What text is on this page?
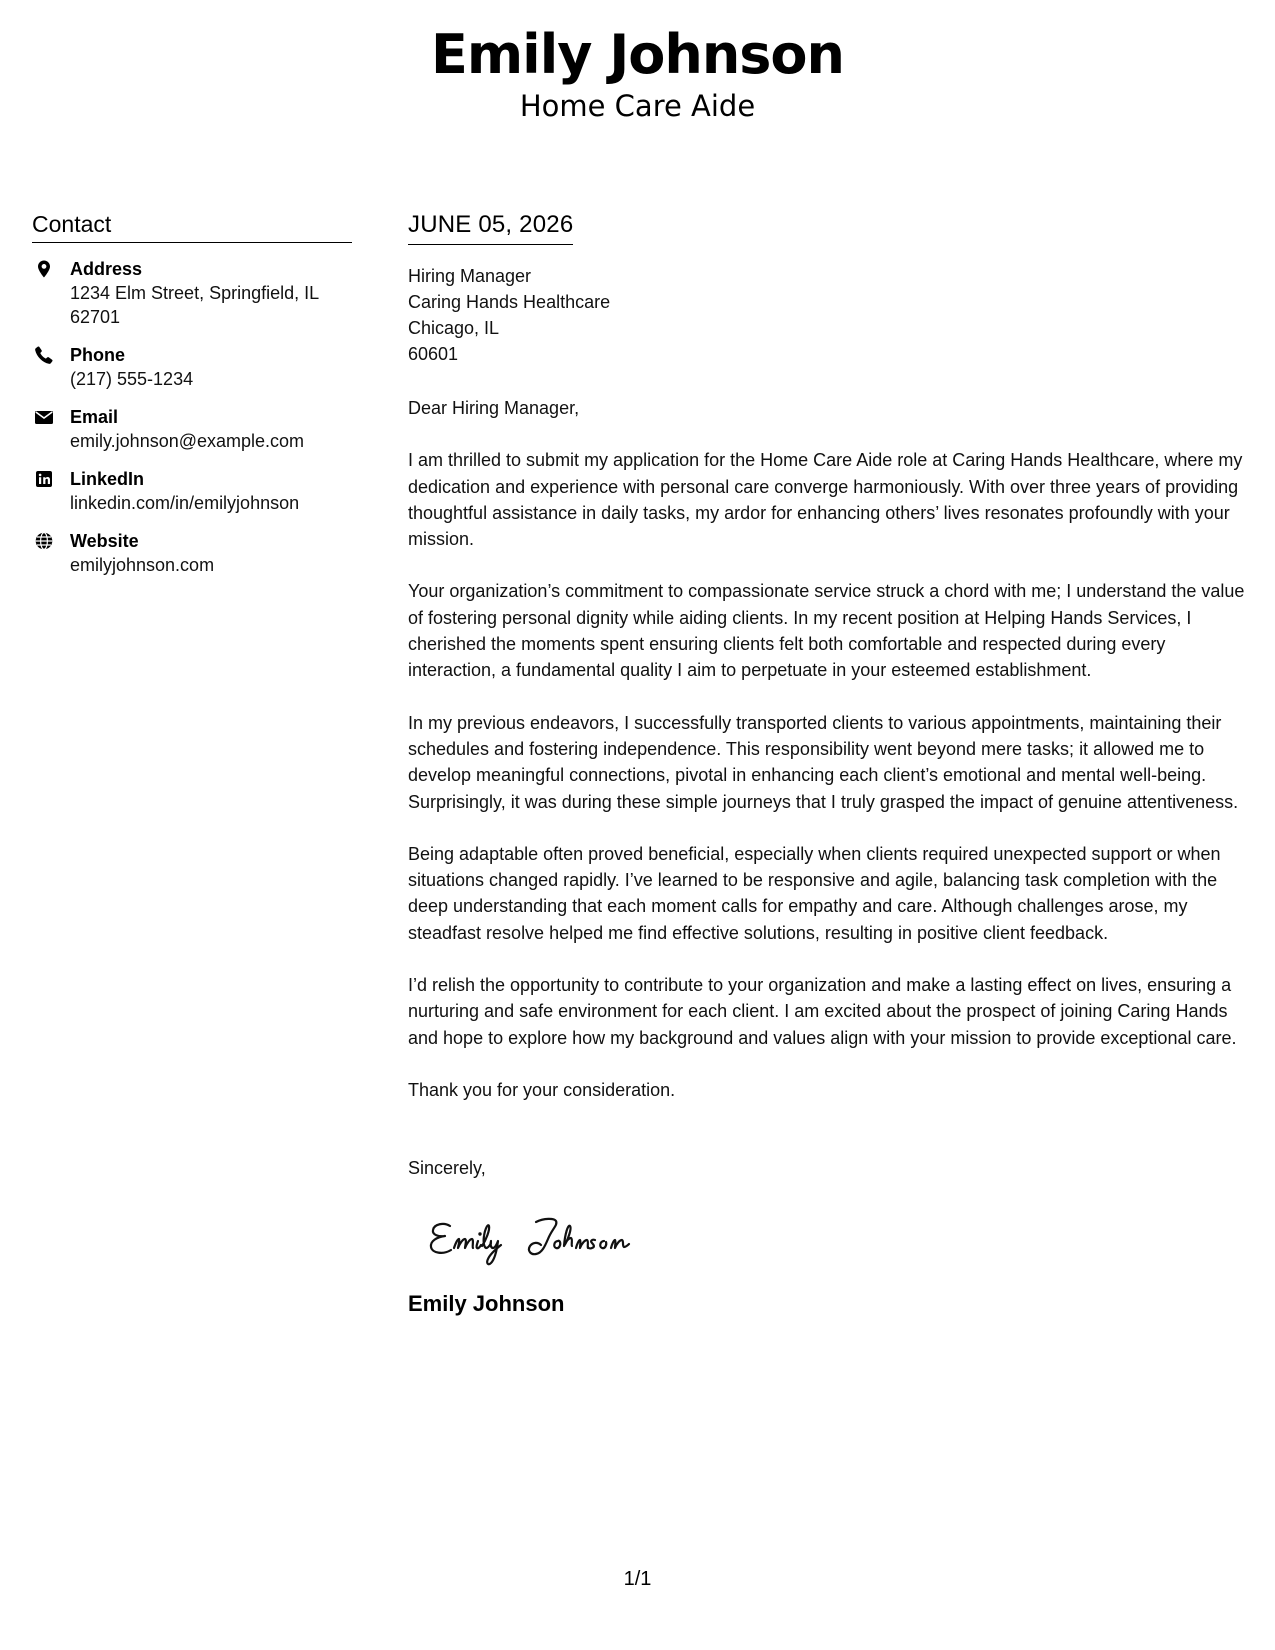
Emily Johnson
Home Care Aide
Contact
Address
1234 Elm Street, Springfield, IL 62701
Phone
(217) 555-1234
Email
emily.johnson@example.com
LinkedIn
linkedin.com/in/emilyjohnson
Website
emilyjohnson.com
JUNE 05, 2026
Hiring Manager
Caring Hands Healthcare
Chicago, IL
60601
Dear Hiring Manager,
I am thrilled to submit my application for the Home Care Aide role at Caring Hands Healthcare, where my dedication and experience with personal care converge harmoniously. With over three years of providing thoughtful assistance in daily tasks, my ardor for enhancing others’ lives resonates profoundly with your mission.
Your organization’s commitment to compassionate service struck a chord with me; I understand the value of fostering personal dignity while aiding clients. In my recent position at Helping Hands Services, I cherished the moments spent ensuring clients felt both comfortable and respected during every interaction, a fundamental quality I aim to perpetuate in your esteemed establishment.
In my previous endeavors, I successfully transported clients to various appointments, maintaining their schedules and fostering independence. This responsibility went beyond mere tasks; it allowed me to develop meaningful connections, pivotal in enhancing each client’s emotional and mental well-being. Surprisingly, it was during these simple journeys that I truly grasped the impact of genuine attentiveness.
Being adaptable often proved beneficial, especially when clients required unexpected support or when situations changed rapidly. I’ve learned to be responsive and agile, balancing task completion with the deep understanding that each moment calls for empathy and care. Although challenges arose, my steadfast resolve helped me find effective solutions, resulting in positive client feedback.
I’d relish the opportunity to contribute to your organization and make a lasting effect on lives, ensuring a nurturing and safe environment for each client. I am excited about the prospect of joining Caring Hands and hope to explore how my background and values align with your mission to provide exceptional care.
Thank you for your consideration.
Sincerely,
Emily Johnson
1/1
